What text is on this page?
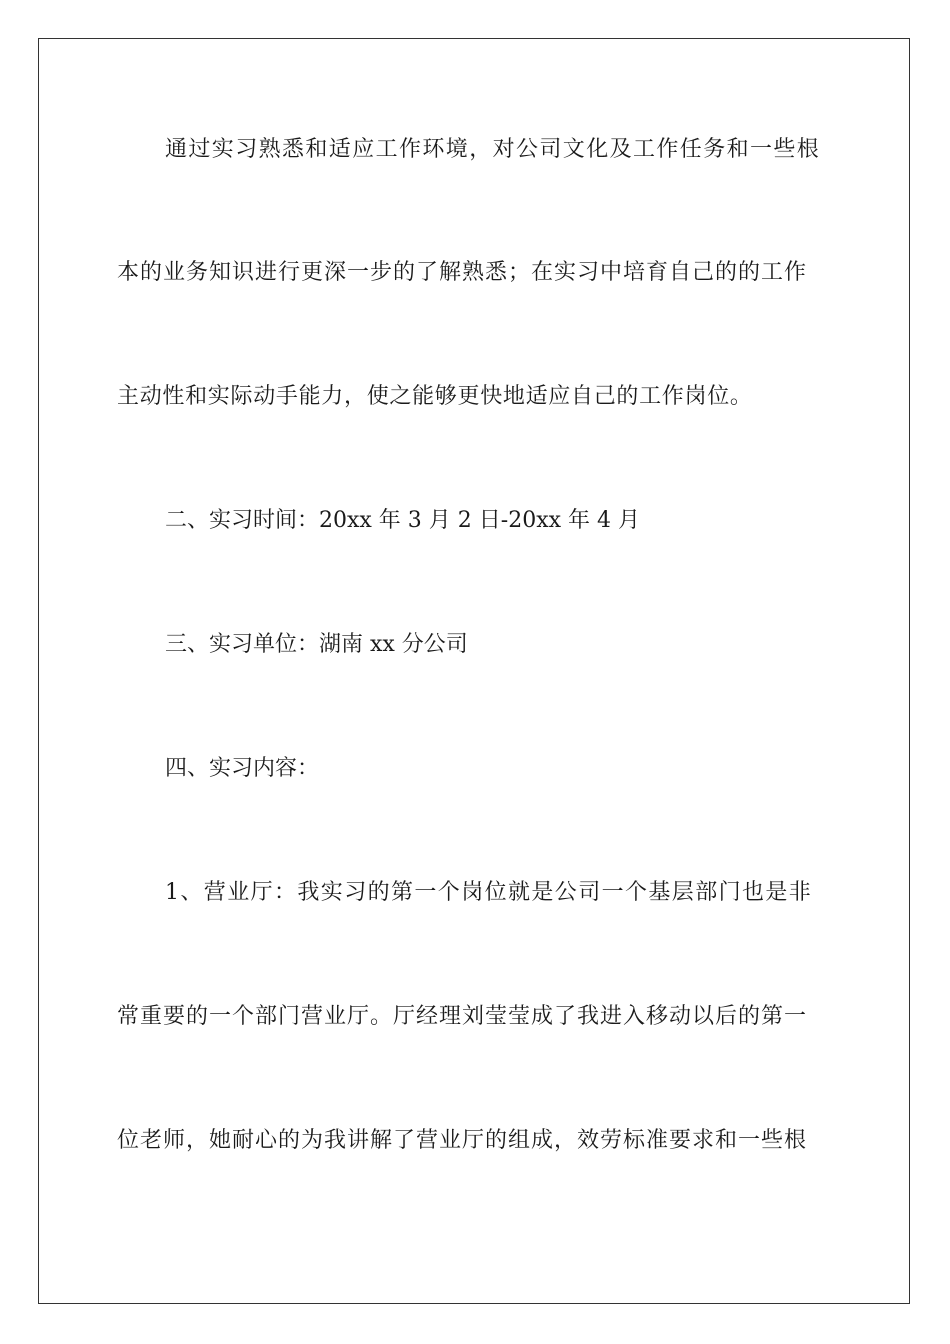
通过实习熟悉和适应工作环境，对公司文化及工作任务和一些根

本的业务知识进行更深一步的了解熟悉；在实习中培育自己的的工作

主动性和实际动手能力，使之能够更快地适应自己的工作岗位。

二、实习时间：20xx 年 3 月 2 日-20xx 年 4 月

三、实习单位：湖南 xx 分公司

四、实习内容：

1、营业厅：我实习的第一个岗位就是公司一个基层部门也是非

常重要的一个部门营业厅。厅经理刘莹莹成了我进入移动以后的第一

位老师，她耐心的为我讲解了营业厅的组成，效劳标准要求和一些根
